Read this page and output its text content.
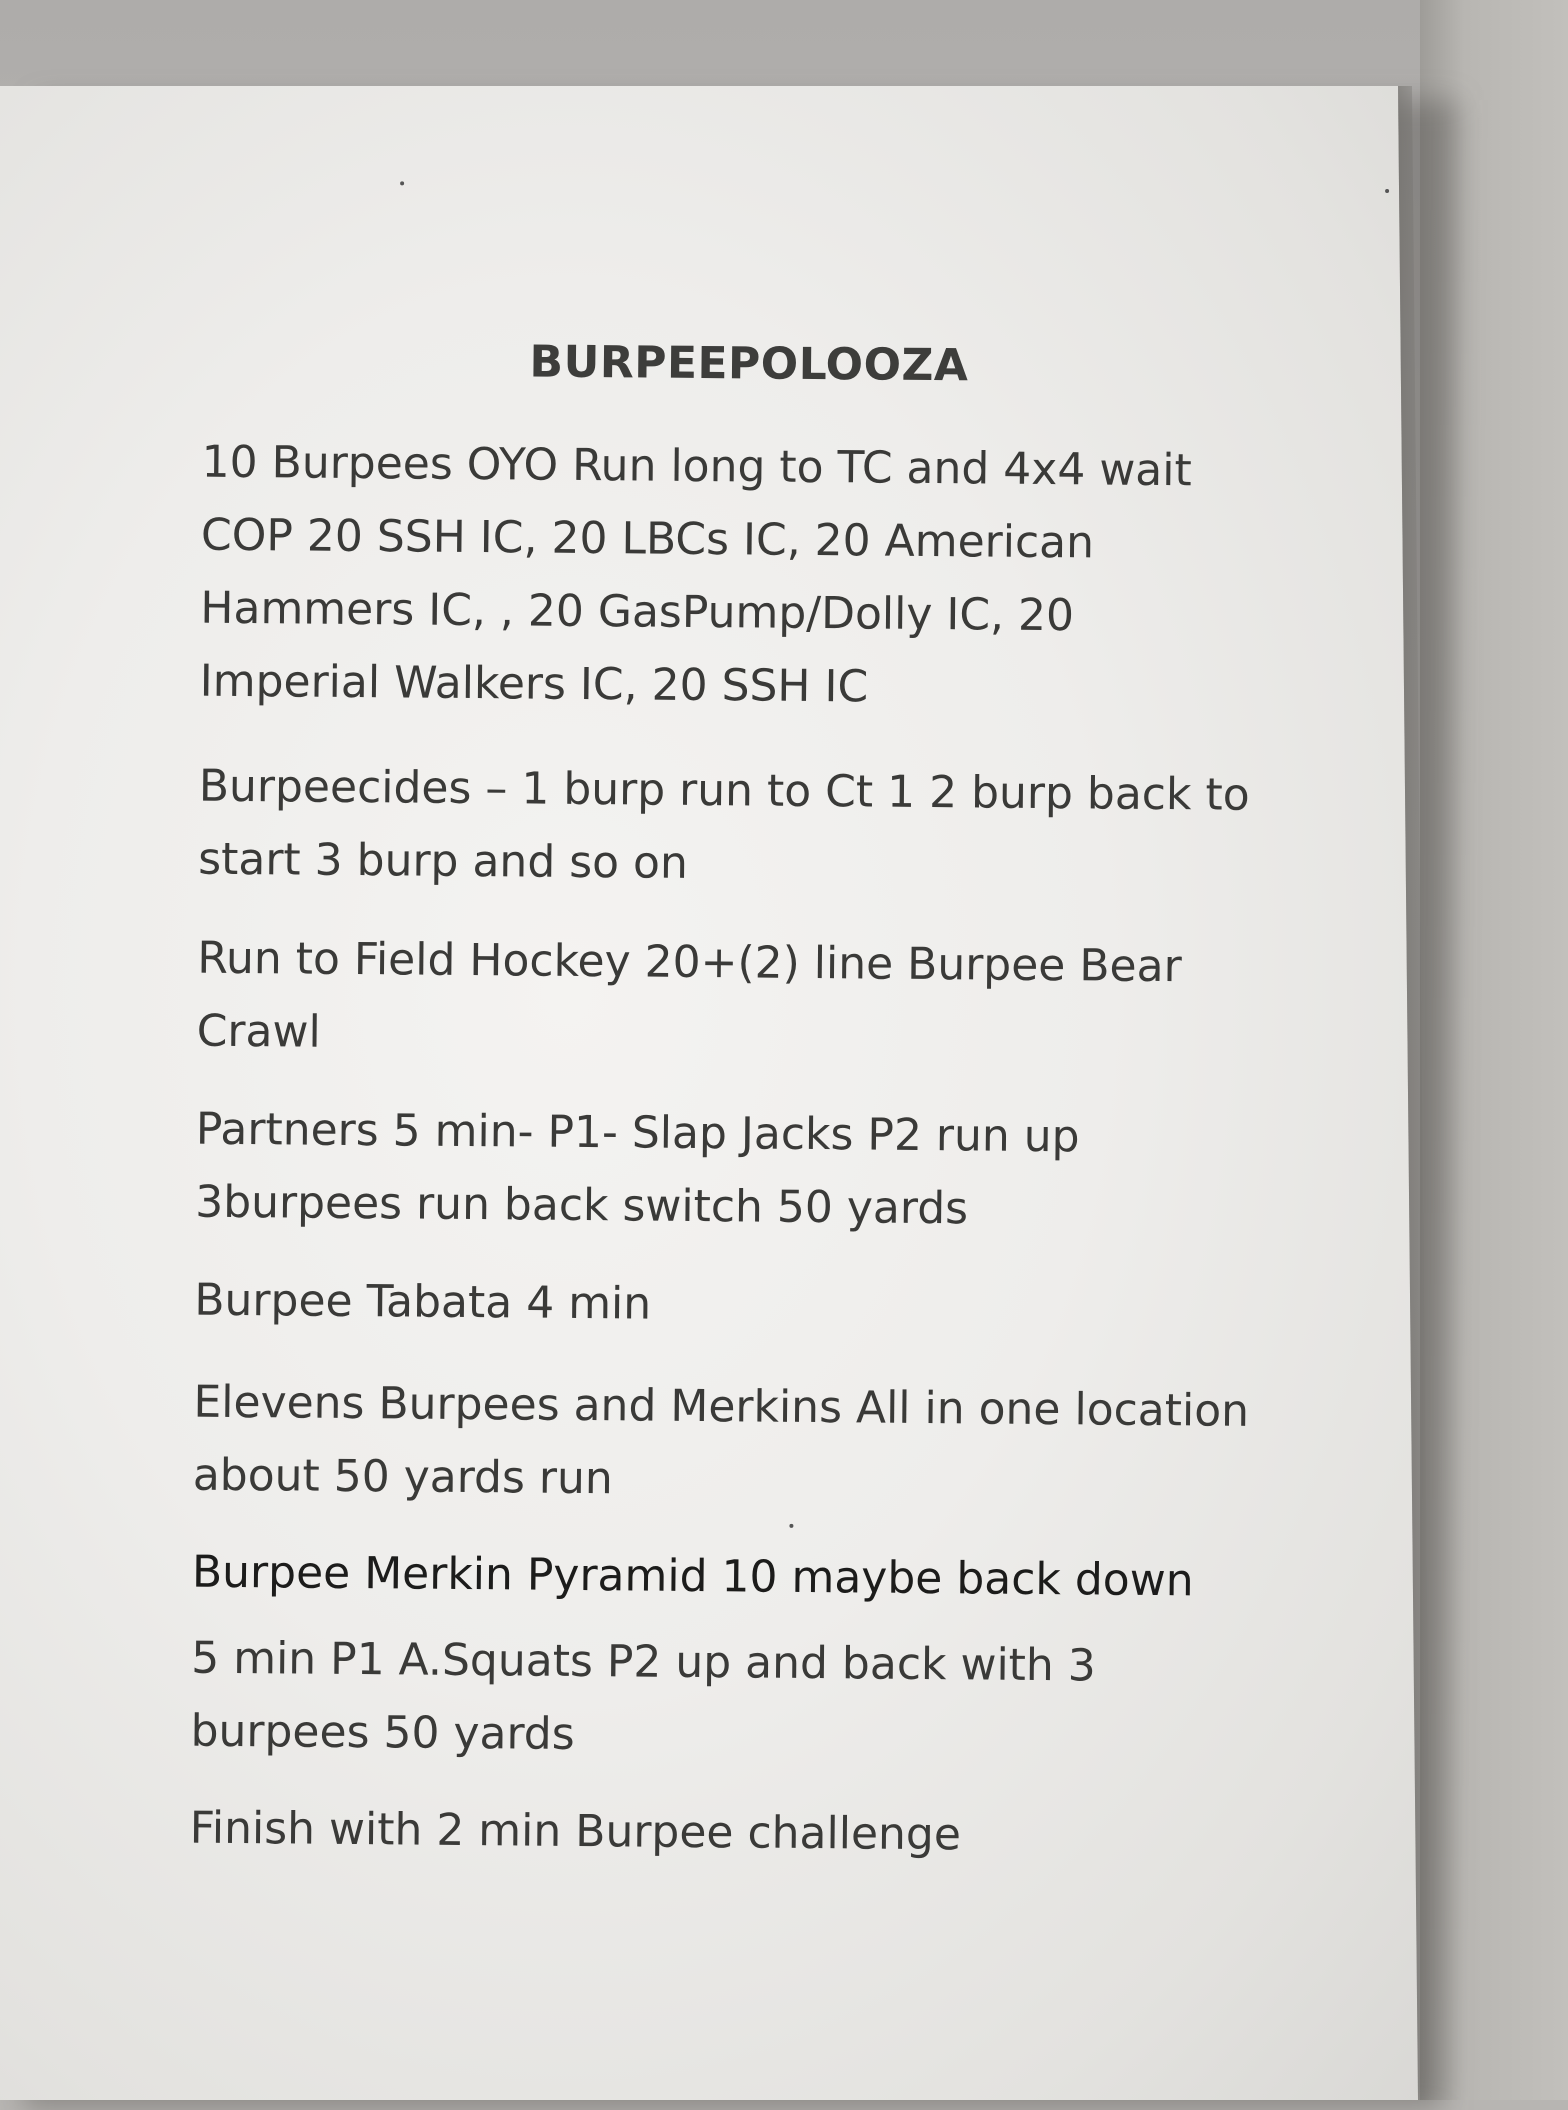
BURPEEPOLOOZA
10 Burpees OYO Run long to TC and 4x4 wait
COP 20 SSH IC, 20 LBCs IC, 20 American
Hammers IC, , 20 GasPump/Dolly IC, 20
Imperial Walkers IC, 20 SSH IC
Burpeecides – 1 burp run to Ct 1 2 burp back to
start 3 burp and so on
Run to Field Hockey 20+(2) line Burpee Bear
Crawl
Partners 5 min- P1- Slap Jacks P2 run up
3burpees run back switch 50 yards
Burpee Tabata 4 min
Elevens Burpees and Merkins All in one location
about 50 yards run
Burpee Merkin Pyramid 10 maybe back down
5 min P1 A.Squats P2 up and back with 3
burpees 50 yards
Finish with 2 min Burpee challenge
